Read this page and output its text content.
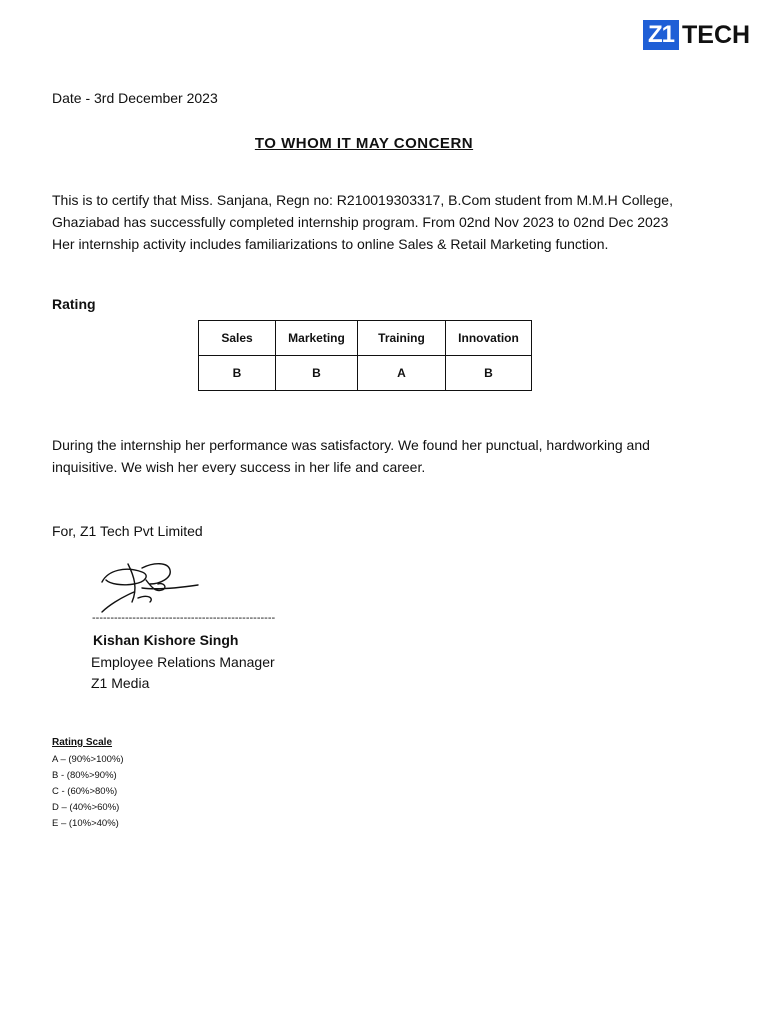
Z1 TECH
Date - 3rd December 2023
TO WHOM IT MAY CONCERN

This is to certify that Miss. Sanjana, Regn no: R210019303317, B.Com student from M.M.H College,

Ghaziabad has successfully completed internship program. From 02nd Nov 2023 to 02nd Dec 2023

Her internship activity includes familiarizations to online Sales & Retail Marketing function.

Rating
Sales	Marketing	Training	Innovation
B	B	A	B

During the internship her performance was satisfactory. We found her punctual, hardworking and

inquisitive. We wish her every success in her life and career.

For, Z1 Tech Pvt Limited
--------------------------------------------------
Kishan Kishore Singh
Employee Relations Manager
Z1 Media
Rating Scale
A – (90%>100%)
B - (80%>90%)
C - (60%>80%)
D – (40%>60%)
E – (10%>40%)
